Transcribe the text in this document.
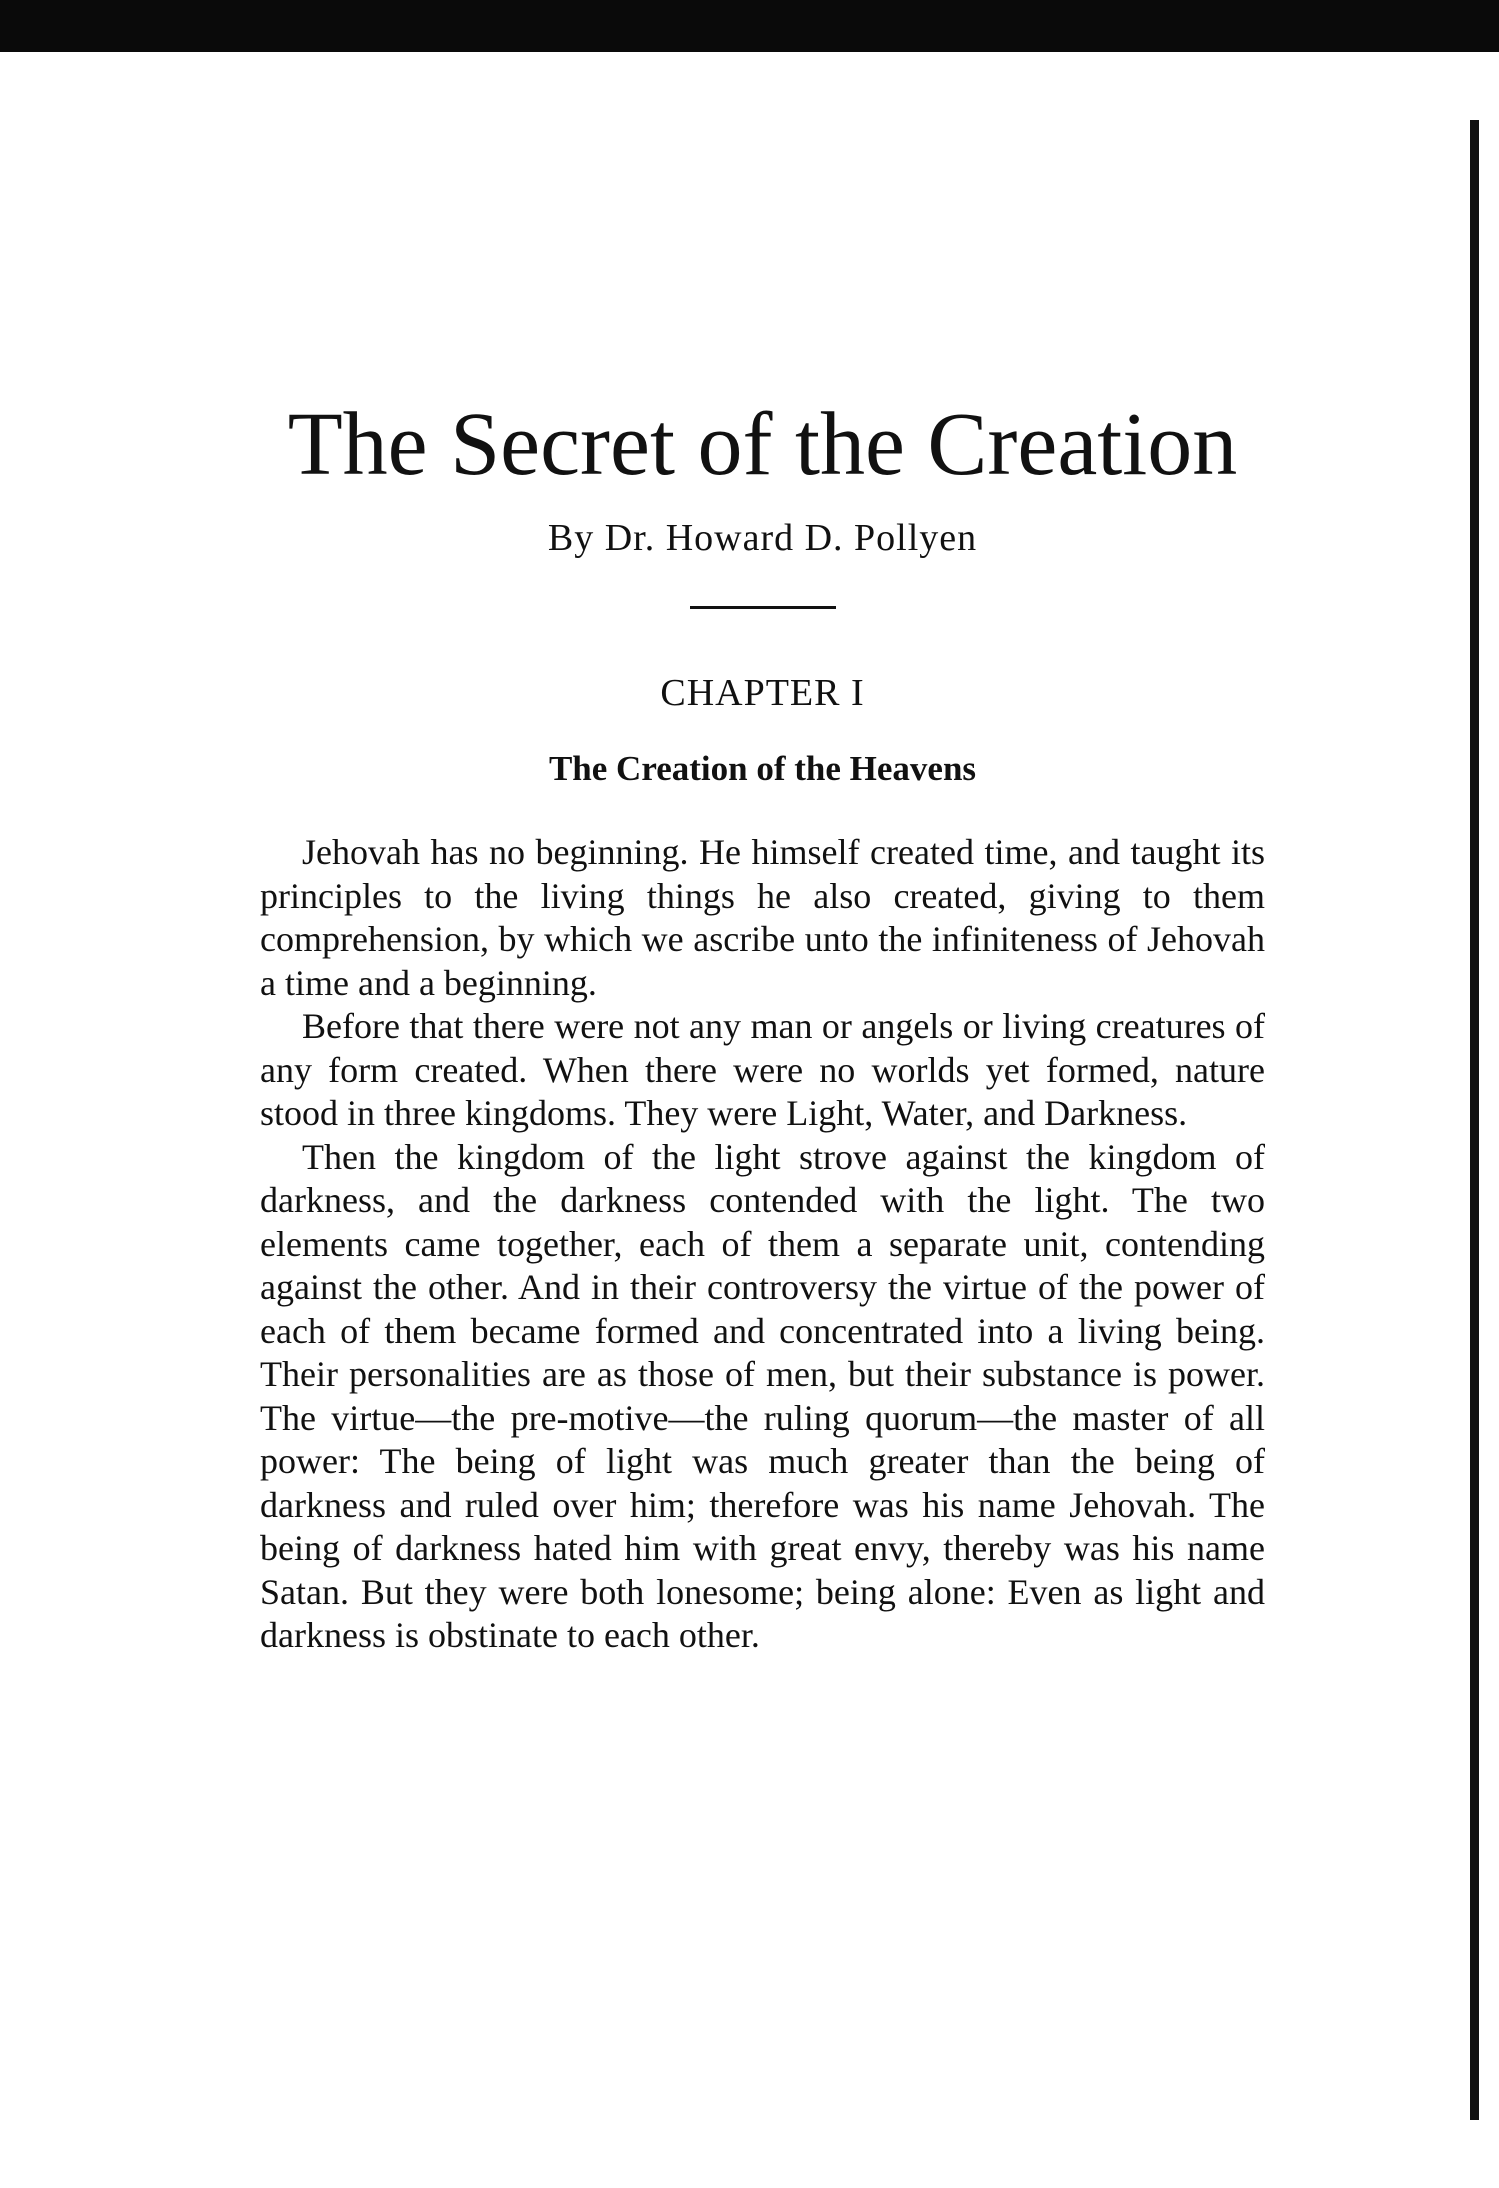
The Secret of the Creation
By Dr. Howard D. Pollyen
CHAPTER I
The Creation of the Heavens

Jehovah has no beginning. He himself created time, and taught its principles to the living things he also created, giving to them comprehension, by which we ascribe unto the infiniteness of Jehovah a time and a beginning.

Before that there were not any man or angels or living creatures of any form created. When there were no worlds yet formed, nature stood in three kingdoms. They were Light, Water, and Darkness.

Then the kingdom of the light strove against the kingdom of darkness, and the darkness contended with the light. The two elements came together, each of them a separate unit, contending against the other. And in their controversy the virtue of the power of each of them became formed and concentrated into a living being. Their personalities are as those of men, but their substance is power. The virtue—the pre-motive—the ruling quorum—the master of all power: The being of light was much greater than the being of darkness and ruled over him; therefore was his name Jehovah. The being of darkness hated him with great envy, thereby was his name Satan. But they were both lonesome; being alone: Even as light and darkness is obstinate to each other.
